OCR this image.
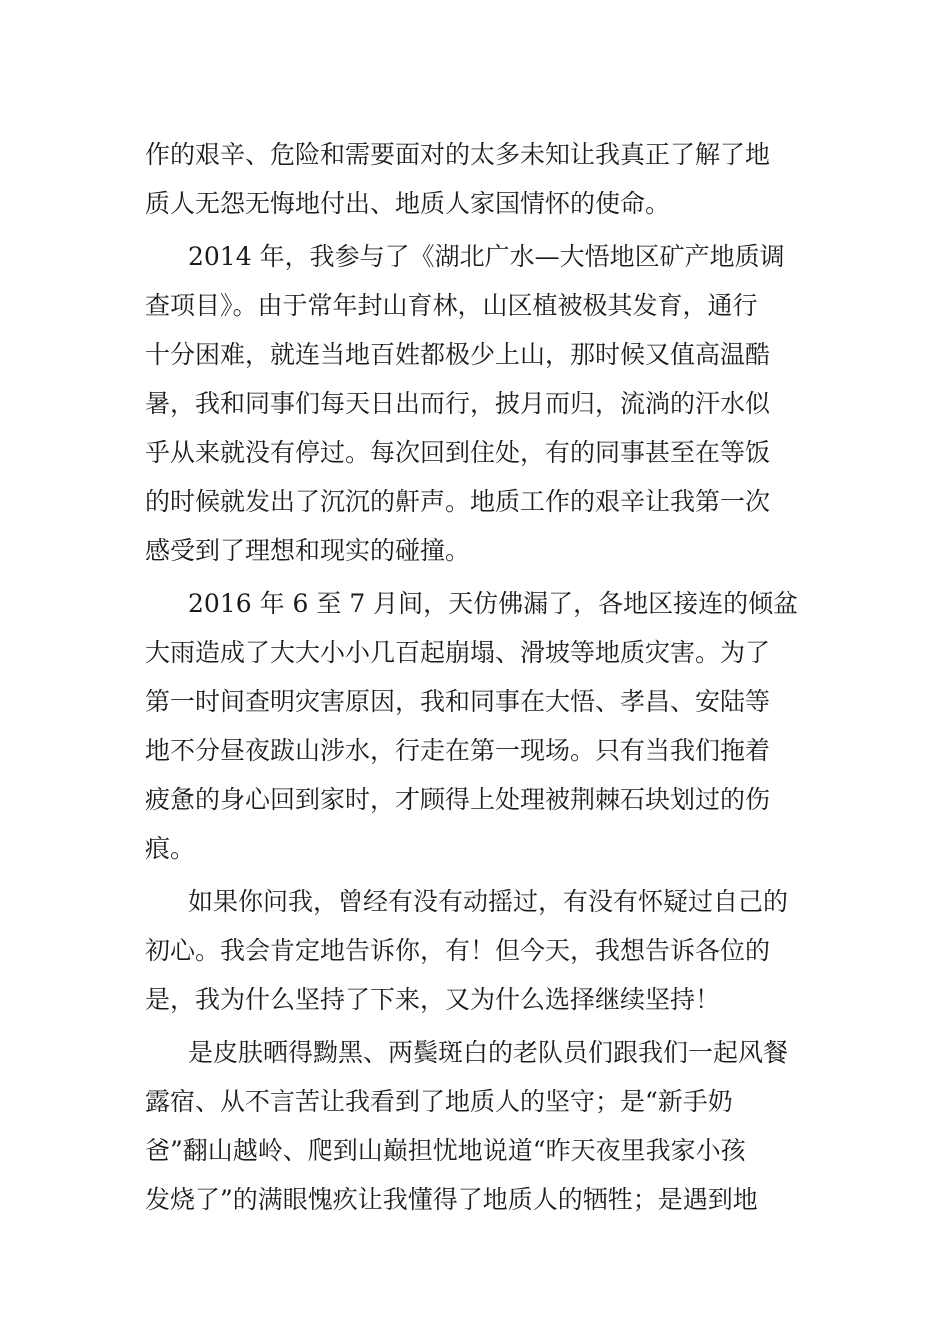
作的艰辛、危险和需要面对的太多未知让我真正了解了地
质人无怨无悔地付出、地质人家国情怀的使命。
2014 年，我参与了《湖北广水—大悟地区矿产地质调
查项目》。由于常年封山育林，山区植被极其发育，通行
十分困难，就连当地百姓都极少上山，那时候又值高温酷
暑，我和同事们每天日出而行，披月而归，流淌的汗水似
乎从来就没有停过。每次回到住处，有的同事甚至在等饭
的时候就发出了沉沉的鼾声。地质工作的艰辛让我第一次
感受到了理想和现实的碰撞。
2016 年 6 至 7 月间，天仿佛漏了，各地区接连的倾盆
大雨造成了大大小小几百起崩塌、滑坡等地质灾害。为了
第一时间查明灾害原因，我和同事在大悟、孝昌、安陆等
地不分昼夜跋山涉水，行走在第一现场。只有当我们拖着
疲惫的身心回到家时，才顾得上处理被荆棘石块划过的伤
痕。
如果你问我，曾经有没有动摇过，有没有怀疑过自己的
初心。我会肯定地告诉你，有！但今天，我想告诉各位的
是，我为什么坚持了下来，又为什么选择继续坚持！
是皮肤晒得黝黑、两鬓斑白的老队员们跟我们一起风餐
露宿、从不言苦让我看到了地质人的坚守；是“新手奶
爸”翻山越岭、爬到山巅担忧地说道“昨天夜里我家小孩
发烧了”的满眼愧疚让我懂得了地质人的牺牲；是遇到地
